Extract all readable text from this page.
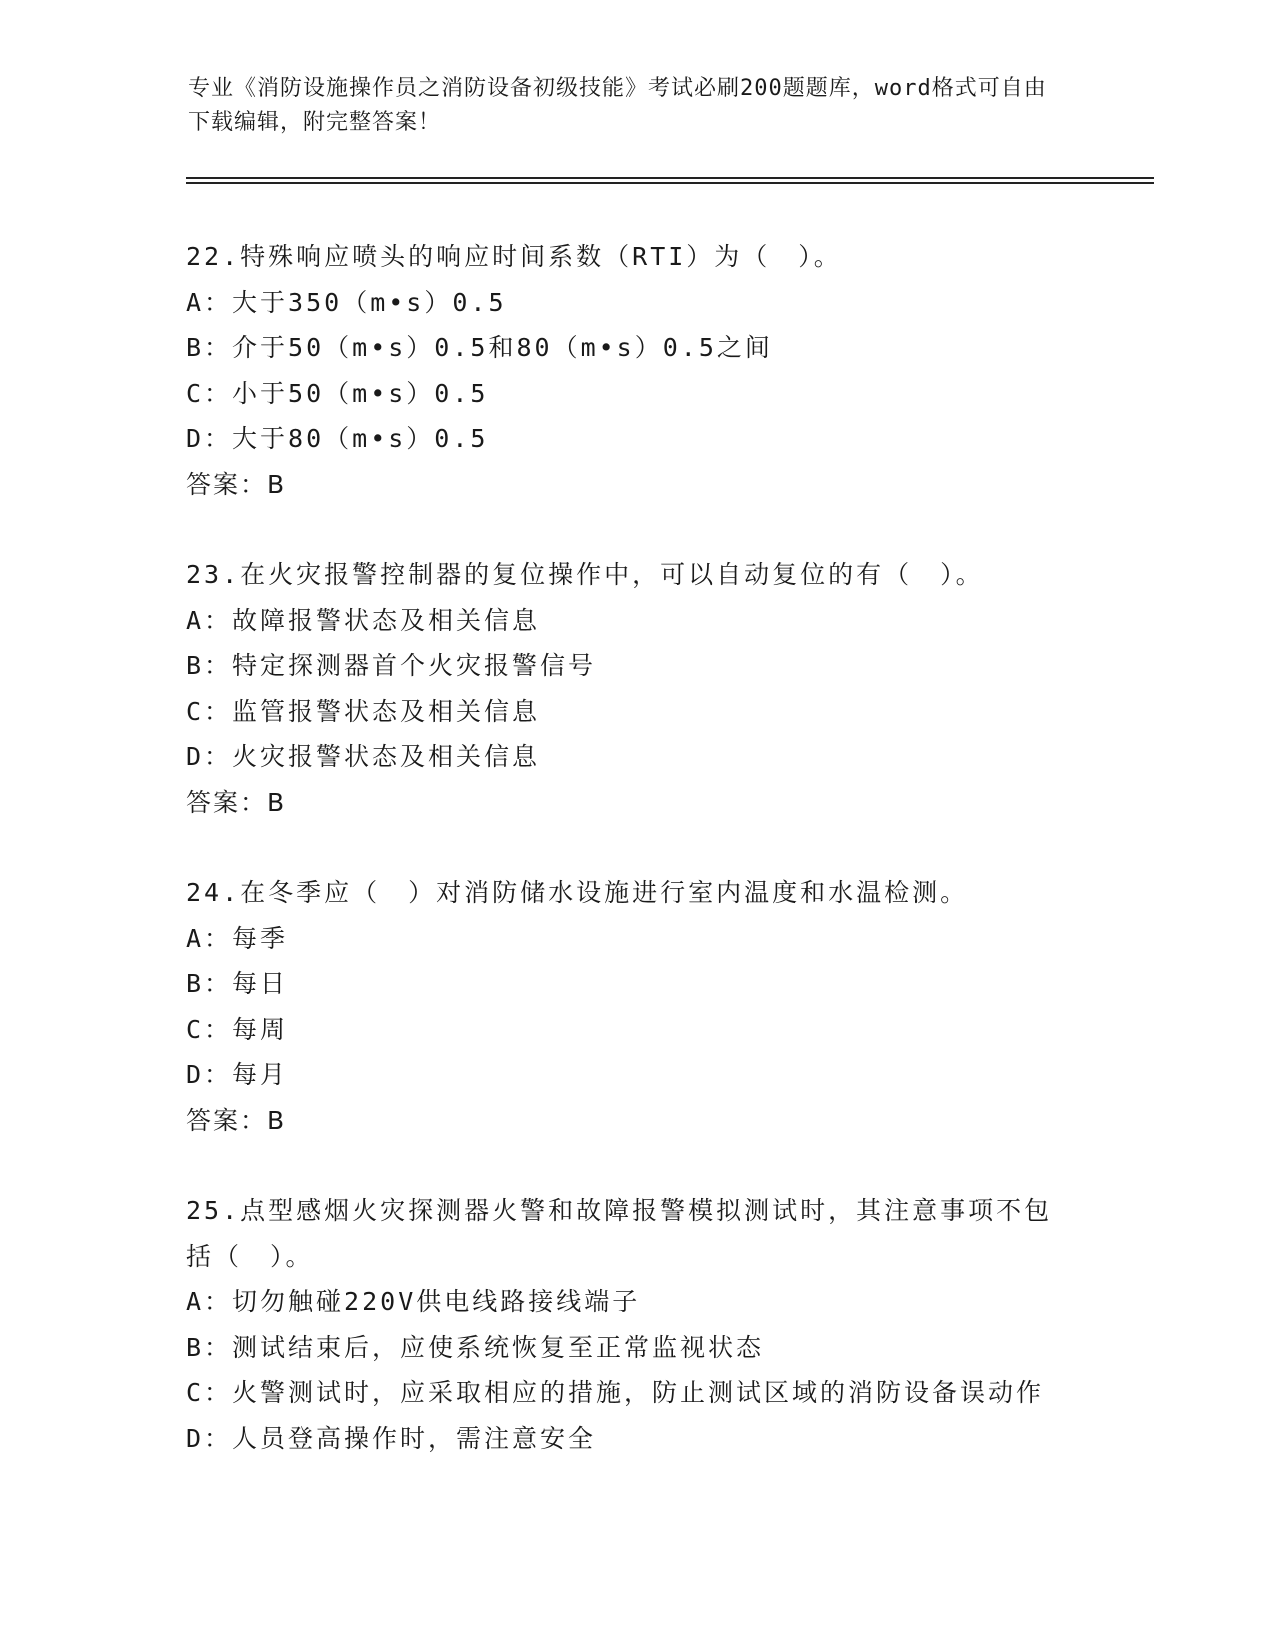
专业《消防设施操作员之消防设备初级技能》考试必刷200题题库，word格式可自由下载编辑，附完整答案！
22.特殊响应喷头的响应时间系数（RTI）为（　）。
A：大于350（m•s）0.5
B：介于50（m•s）0.5和80（m•s）0.5之间
C：小于50（m•s）0.5
D：大于80（m•s）0.5
答案：B
23.在火灾报警控制器的复位操作中，可以自动复位的有（　）。
A：故障报警状态及相关信息
B：特定探测器首个火灾报警信号
C：监管报警状态及相关信息
D：火灾报警状态及相关信息
答案：B
24.在冬季应（　）对消防储水设施进行室内温度和水温检测。
A：每季
B：每日
C：每周
D：每月
答案：B
25.点型感烟火灾探测器火警和故障报警模拟测试时，其注意事项不包括（　）。
A：切勿触碰220V供电线路接线端子
B：测试结束后，应使系统恢复至正常监视状态
C：火警测试时，应采取相应的措施，防止测试区域的消防设备误动作
D：人员登高操作时，需注意安全
